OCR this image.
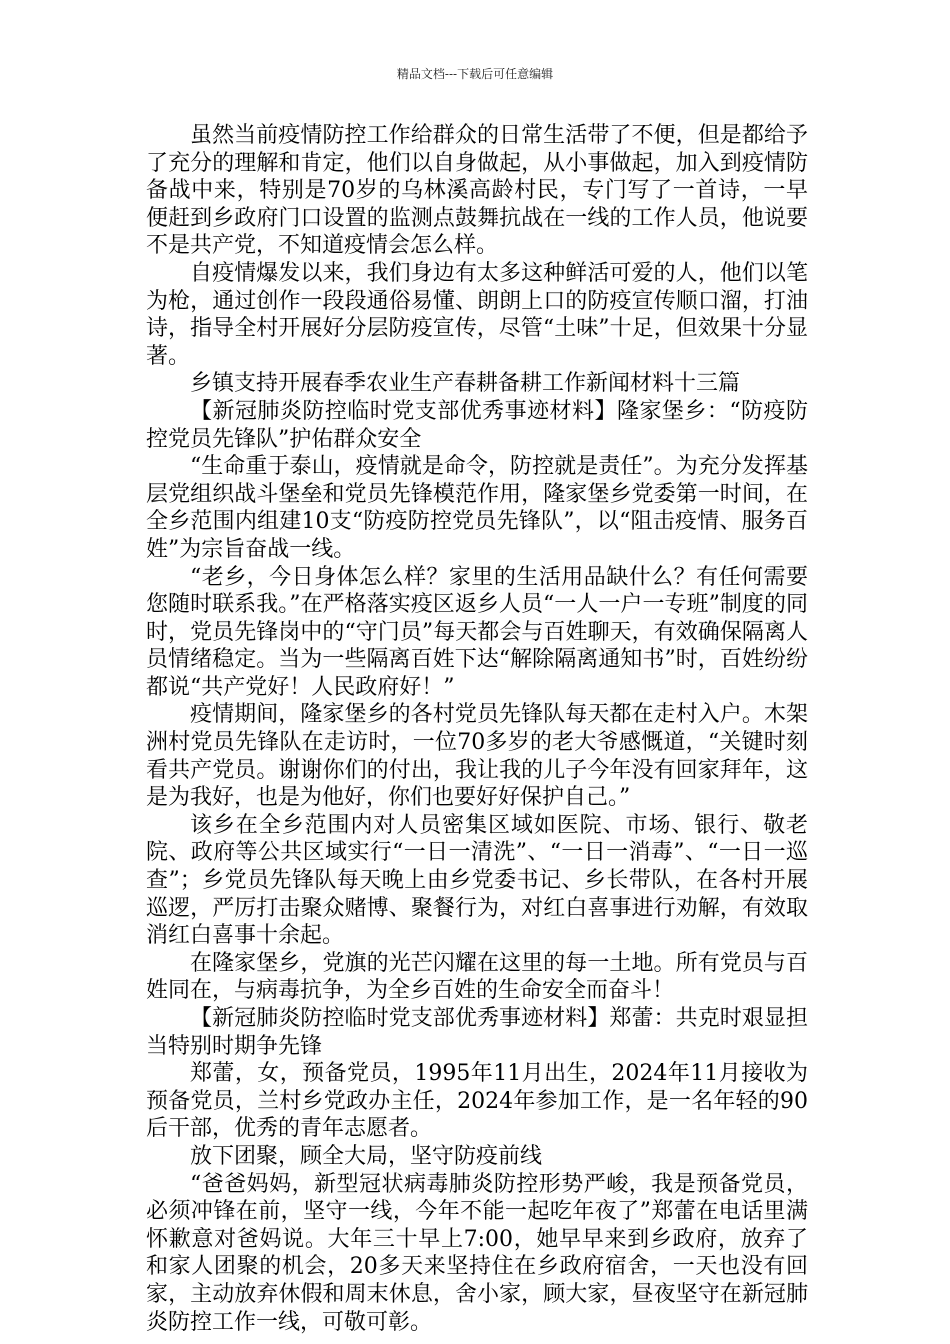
精品文档---下载后可任意编辑

虽然当前疫情防控工作给群众的日常生活带了不便，但是都给予了充分的理解和肯定，他们以自身做起，从小事做起，加入到疫情防备战中来，特别是70岁的乌林溪高龄村民，专门写了一首诗，一早便赶到乡政府门口设置的监测点鼓舞抗战在一线的工作人员，他说要不是共产党，不知道疫情会怎么样。

自疫情爆发以来，我们身边有太多这种鲜活可爱的人，他们以笔为枪，通过创作一段段通俗易懂、朗朗上口的防疫宣传顺口溜，打油诗，指导全村开展好分层防疫宣传，尽管“土味”十足，但效果十分显著。

乡镇支持开展春季农业生产春耕备耕工作新闻材料十三篇

【新冠肺炎防控临时党支部优秀事迹材料】隆家堡乡：“防疫防控党员先锋队”护佑群众安全

“生命重于泰山，疫情就是命令，防控就是责任”。为充分发挥基层党组织战斗堡垒和党员先锋模范作用，隆家堡乡党委第一时间，在全乡范围内组建10支“防疫防控党员先锋队”，以“阻击疫情、服务百姓”为宗旨奋战一线。

“老乡，今日身体怎么样？家里的生活用品缺什么？有任何需要您随时联系我。”在严格落实疫区返乡人员“一人一户一专班”制度的同时，党员先锋岗中的“守门员”每天都会与百姓聊天，有效确保隔离人员情绪稳定。当为一些隔离百姓下达“解除隔离通知书”时，百姓纷纷都说“共产党好！人民政府好！”

疫情期间，隆家堡乡的各村党员先锋队每天都在走村入户。木架洲村党员先锋队在走访时，一位70多岁的老大爷感慨道，“关键时刻看共产党员。谢谢你们的付出，我让我的儿子今年没有回家拜年，这是为我好，也是为他好，你们也要好好保护自己。”

该乡在全乡范围内对人员密集区域如医院、市场、银行、敬老院、政府等公共区域实行“一日一清洗”、“一日一消毒”、“一日一巡查”；乡党员先锋队每天晚上由乡党委书记、乡长带队，在各村开展巡逻，严厉打击聚众赌博、聚餐行为，对红白喜事进行劝解，有效取消红白喜事十余起。

在隆家堡乡，党旗的光芒闪耀在这里的每一土地。所有党员与百姓同在，与病毒抗争，为全乡百姓的生命安全而奋斗！

【新冠肺炎防控临时党支部优秀事迹材料】郑蕾：共克时艰显担当特别时期争先锋

郑蕾，女，预备党员，1995年11月出生，2024年11月接收为预备党员，兰村乡党政办主任，2024年参加工作，是一名年轻的90后干部，优秀的青年志愿者。

放下团聚，顾全大局，坚守防疫前线

“爸爸妈妈，新型冠状病毒肺炎防控形势严峻，我是预备党员，必须冲锋在前，坚守一线，今年不能一起吃年夜了”郑蕾在电话里满怀歉意对爸妈说。大年三十早上7:00，她早早来到乡政府，放弃了和家人团聚的机会，20多天来坚持住在乡政府宿舍，一天也没有回家，主动放弃休假和周末休息，舍小家，顾大家，昼夜坚守在新冠肺炎防控工作一线，可敬可彰。
